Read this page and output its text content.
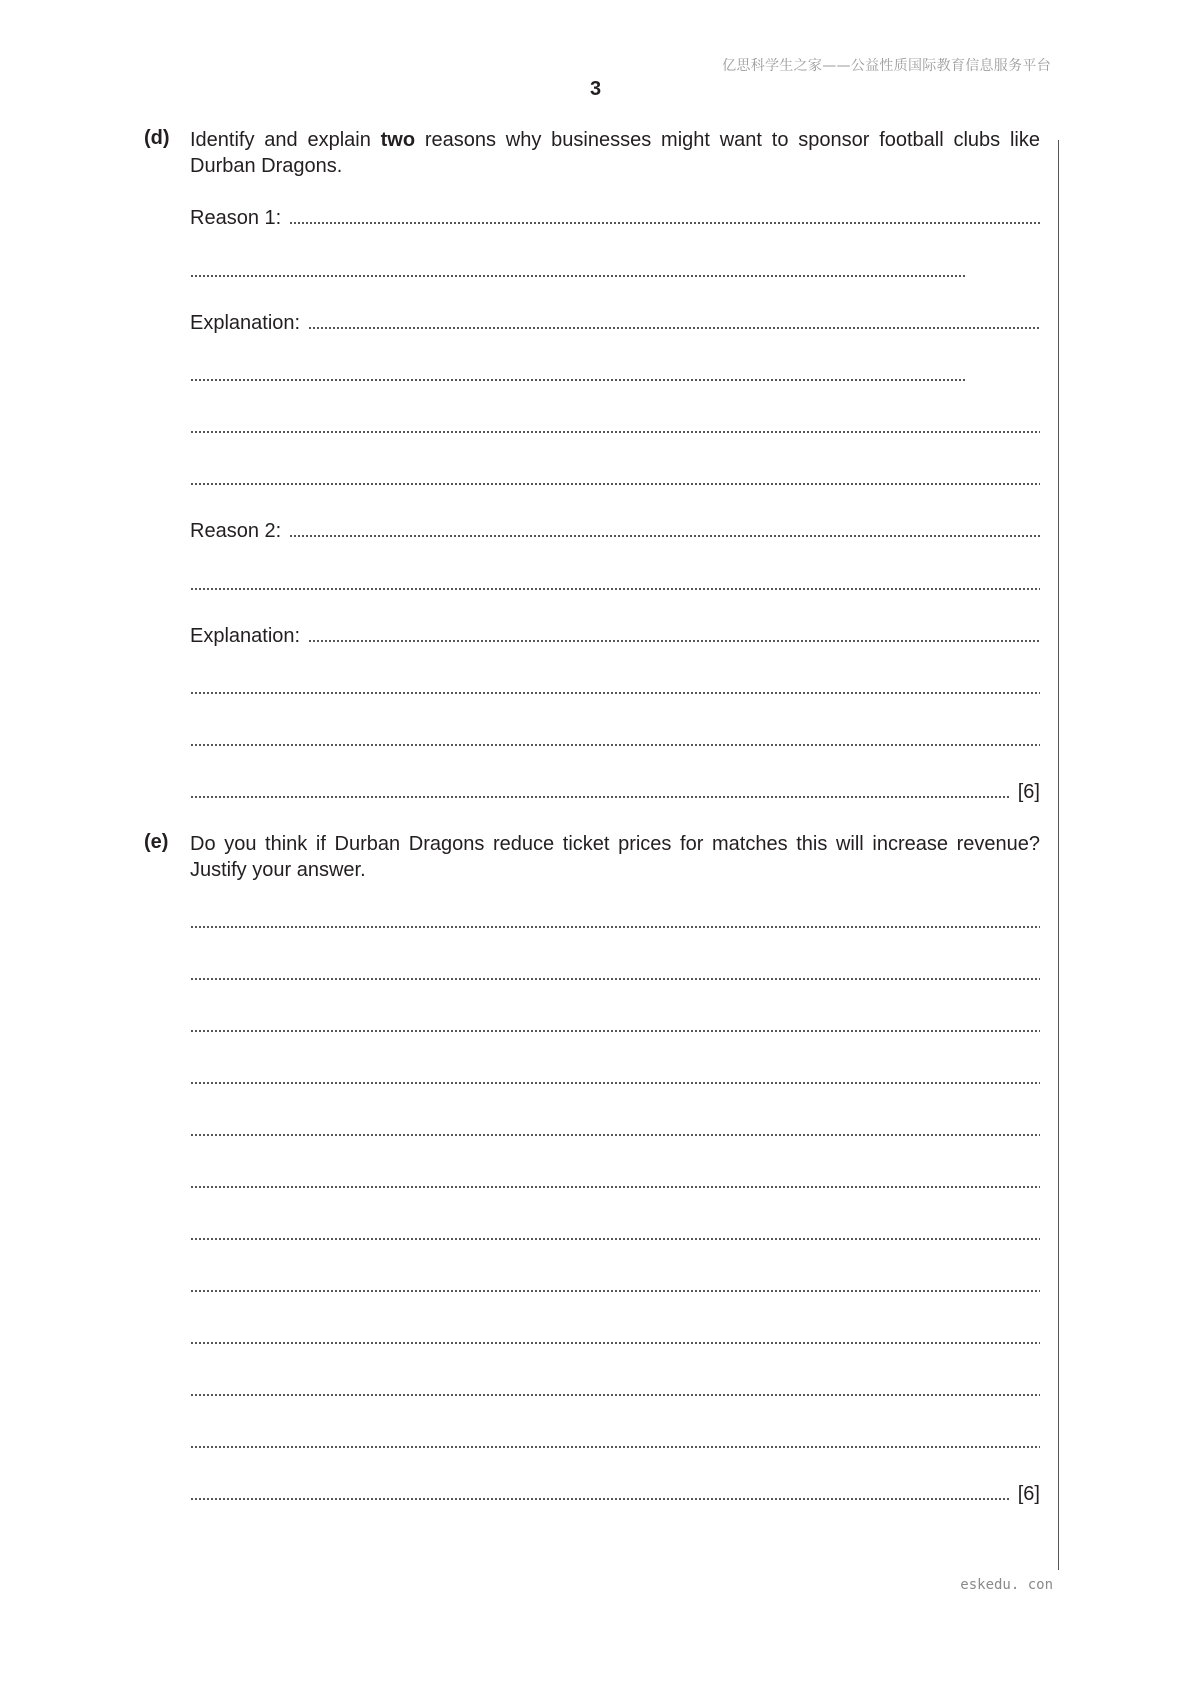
亿思科学生之家——公益性质国际教育信息服务平台
3
(d) Identify and explain two reasons why businesses might want to sponsor football clubs like Durban Dragons.
Reason 1:
Explanation:
Reason 2:
Explanation:
[6]
(e) Do you think if Durban Dragons reduce ticket prices for matches this will increase revenue? Justify your answer.
[6]
eskedu. con
